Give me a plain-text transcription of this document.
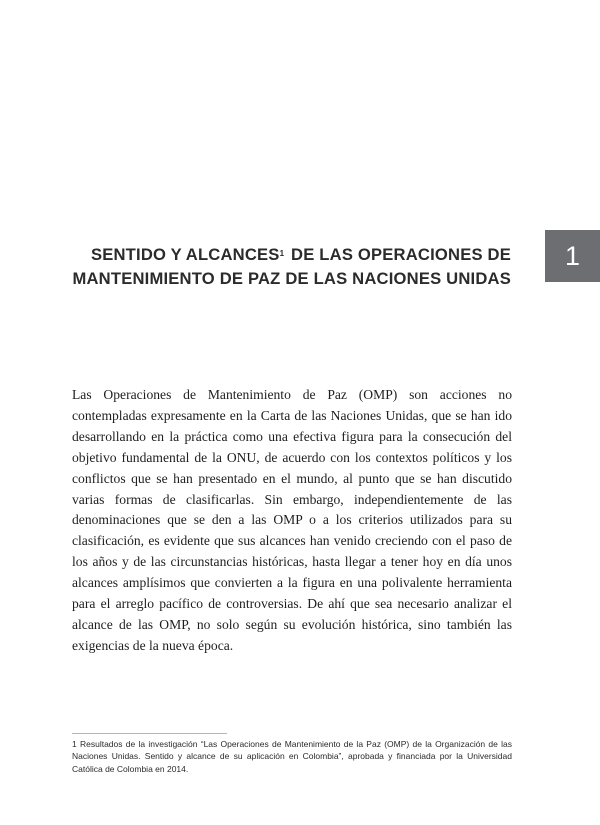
SENTIDO Y ALCANCES$^1$ DE LAS OPERACIONES DE
MANTENIMIENTO DE PAZ DE LAS NACIONES UNIDAS
1

Las Operaciones de Mantenimiento de Paz (OMP) son acciones no contempladas expresamente en la Carta de las Naciones Unidas, que se han ido desarrollando en la práctica como una efectiva figura para la consecución del objetivo fundamental de la ONU, de acuerdo con los contextos políticos y los conflictos que se han presentado en el mundo, al punto que se han discutido varias formas de clasificarlas. Sin embargo, independientemente de las denominaciones que se den a las OMP o a los criterios utilizados para su clasificación, es evidente que sus alcances han venido creciendo con el paso de los años y de las circunstancias históricas, hasta llegar a tener hoy en día unos alcances amplísimos que convierten a la figura en una polivalente herramienta para el arreglo pacífico de controversias. De ahí que sea necesario analizar el alcance de las OMP, no solo según su evolución histórica, sino también las exigencias de la nueva época.

1 Resultados de la investigación “Las Operaciones de Mantenimiento de la Paz (OMP) de la Organización de las Naciones Unidas. Sentido y alcance de su aplicación en Colombia”, aprobada y financiada por la Universidad Católica de Colombia en 2014.
